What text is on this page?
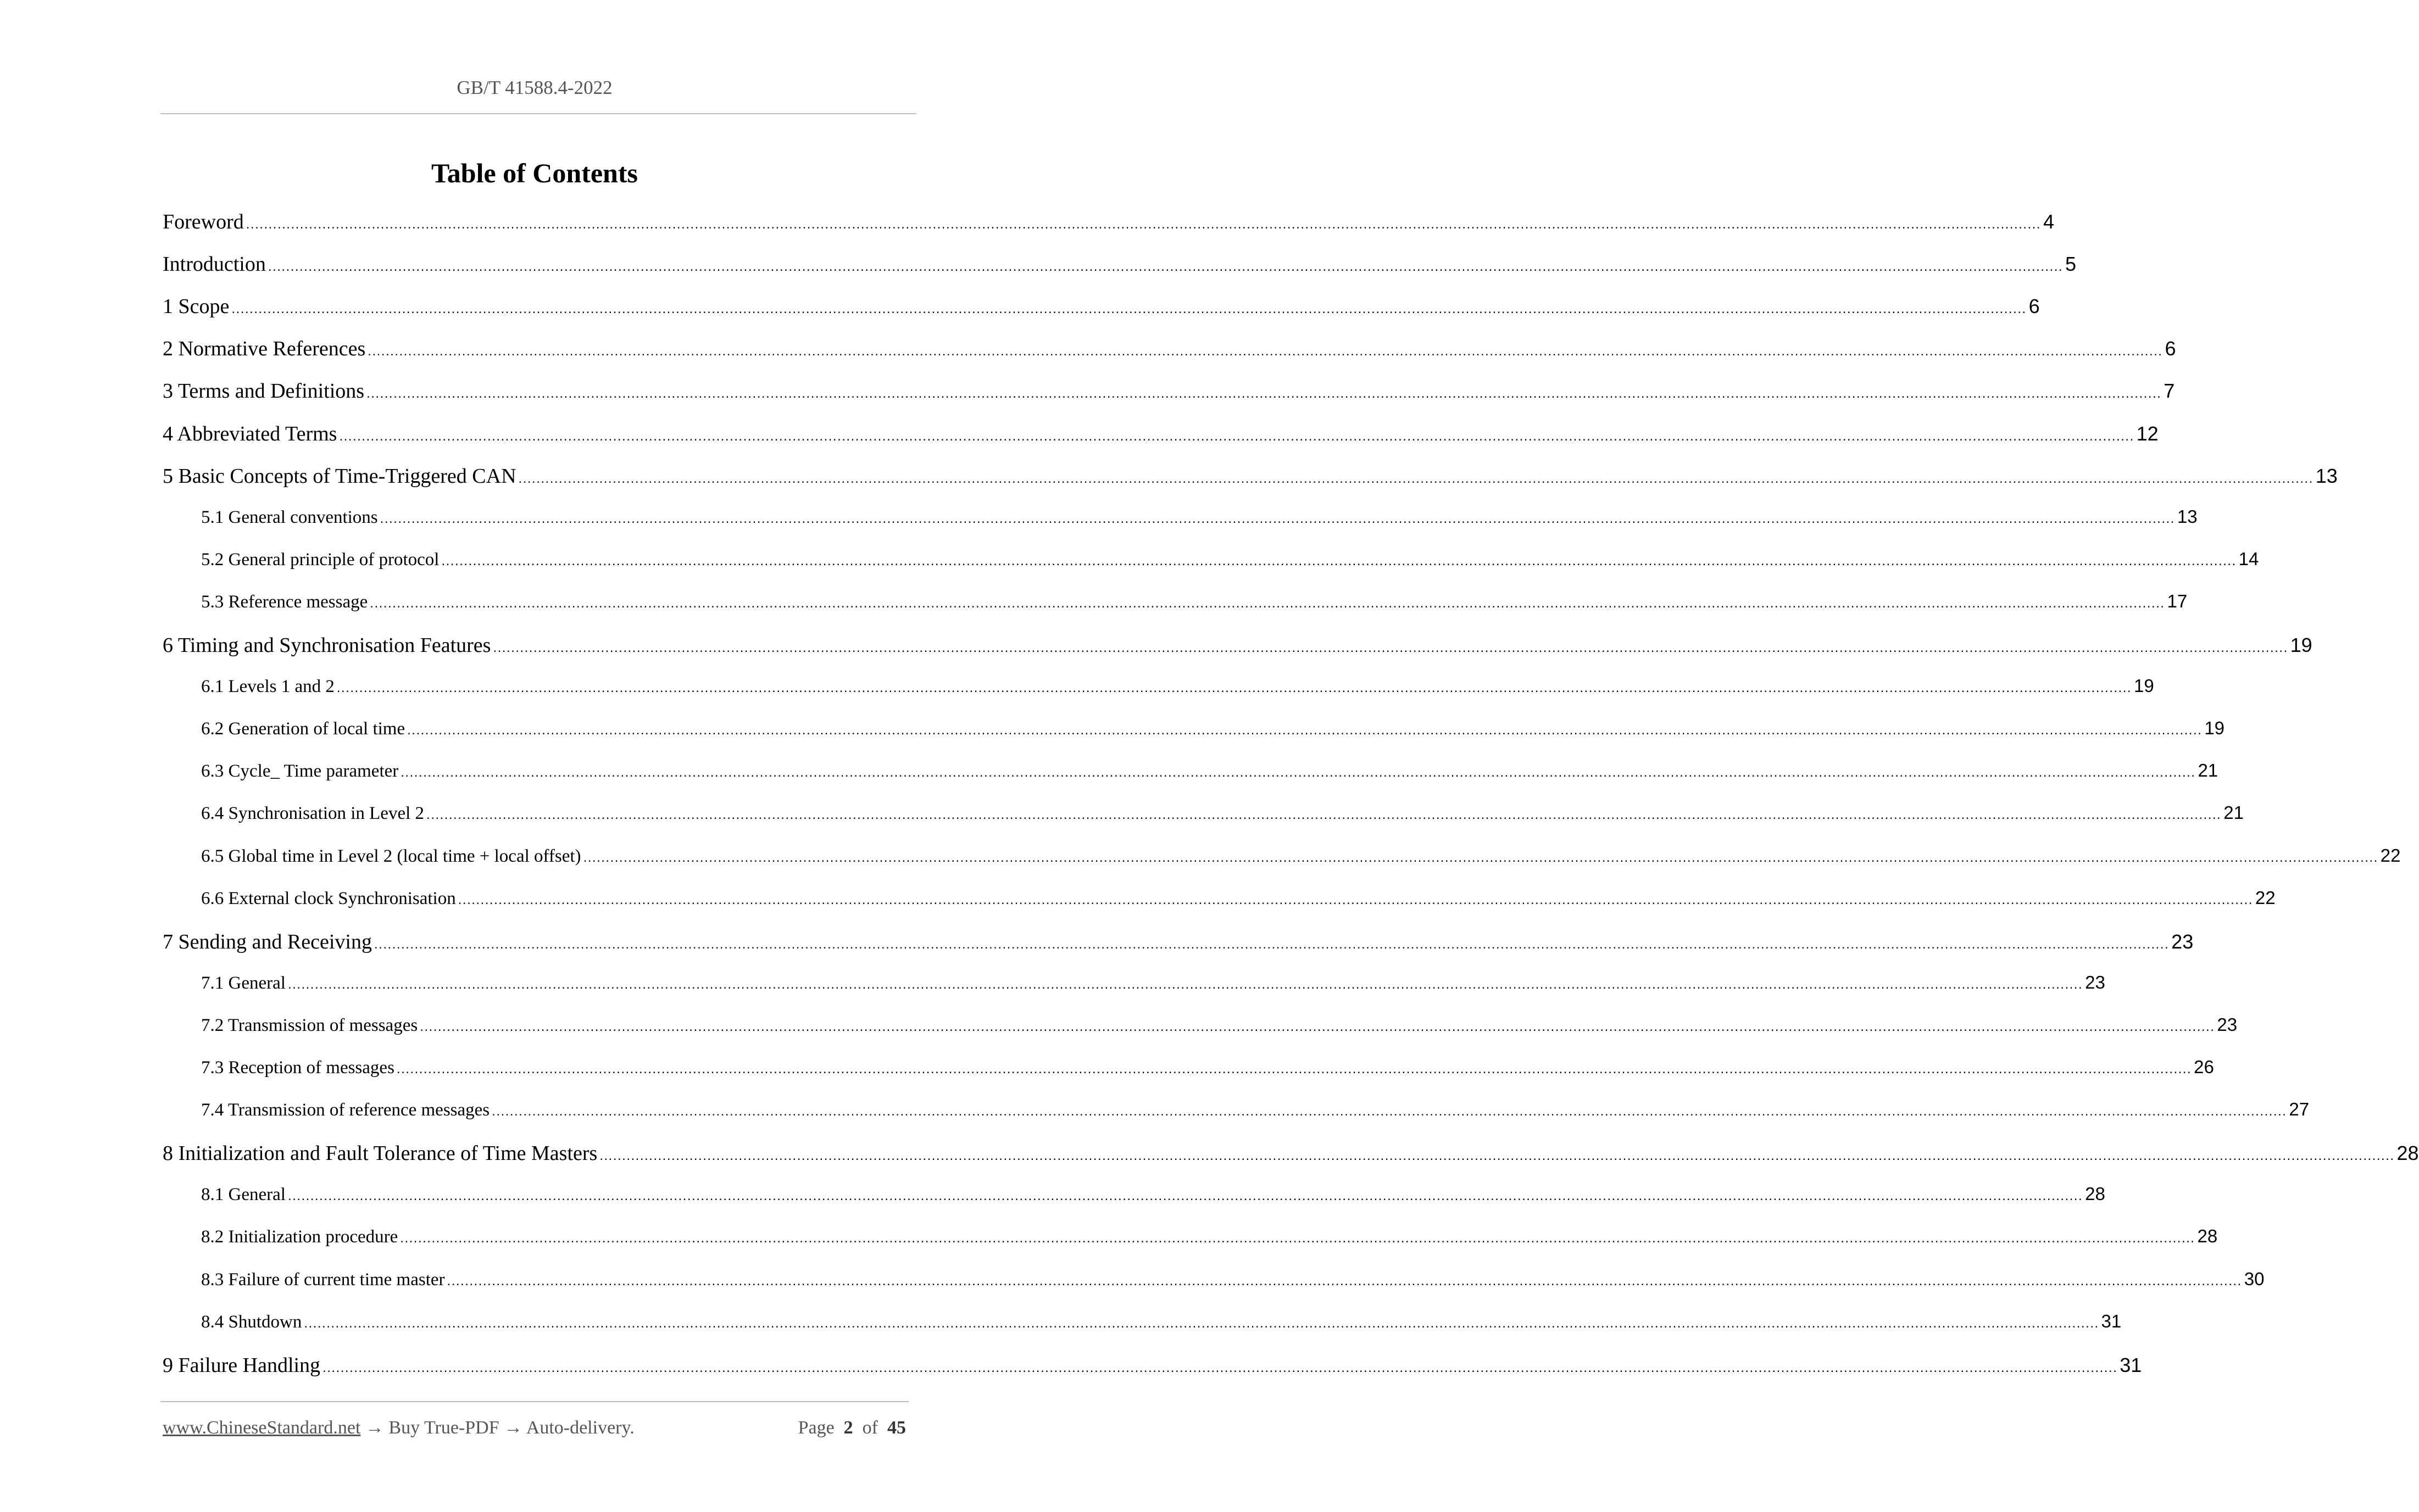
GB/T 41588.4-2022
Table of Contents
Foreword ................................................................................................................................................................................................................................................................................................................................................................................................................ 4
Introduction ................................................................................................................................................................................................................................................................................................................................................................................................................ 5
1 Scope ................................................................................................................................................................................................................................................................................................................................................................................................................ 6
2 Normative References ................................................................................................................................................................................................................................................................................................................................................................................................................ 6
3 Terms and Definitions ................................................................................................................................................................................................................................................................................................................................................................................................................ 7
4 Abbreviated Terms ................................................................................................................................................................................................................................................................................................................................................................................................................ 12
5 Basic Concepts of Time-Triggered CAN ................................................................................................................................................................................................................................................................................................................................................................................................................ 13
5.1 General conventions ................................................................................................................................................................................................................................................................................................................................................................................................................ 13
5.2 General principle of protocol ................................................................................................................................................................................................................................................................................................................................................................................................................ 14
5.3 Reference message ................................................................................................................................................................................................................................................................................................................................................................................................................ 17
6 Timing and Synchronisation Features ................................................................................................................................................................................................................................................................................................................................................................................................................ 19
6.1 Levels 1 and 2 ................................................................................................................................................................................................................................................................................................................................................................................................................ 19
6.2 Generation of local time ................................................................................................................................................................................................................................................................................................................................................................................................................ 19
6.3 Cycle_ Time parameter ................................................................................................................................................................................................................................................................................................................................................................................................................ 21
6.4 Synchronisation in Level 2 ................................................................................................................................................................................................................................................................................................................................................................................................................ 21
6.5 Global time in Level 2 (local time + local offset) ................................................................................................................................................................................................................................................................................................................................................................................................................ 22
6.6 External clock Synchronisation ................................................................................................................................................................................................................................................................................................................................................................................................................ 22
7 Sending and Receiving ................................................................................................................................................................................................................................................................................................................................................................................................................ 23
7.1 General ................................................................................................................................................................................................................................................................................................................................................................................................................ 23
7.2 Transmission of messages ................................................................................................................................................................................................................................................................................................................................................................................................................ 23
7.3 Reception of messages ................................................................................................................................................................................................................................................................................................................................................................................................................ 26
7.4 Transmission of reference messages ................................................................................................................................................................................................................................................................................................................................................................................................................ 27
8 Initialization and Fault Tolerance of Time Masters ................................................................................................................................................................................................................................................................................................................................................................................................................ 28
8.1 General ................................................................................................................................................................................................................................................................................................................................................................................................................ 28
8.2 Initialization procedure ................................................................................................................................................................................................................................................................................................................................................................................................................ 28
8.3 Failure of current time master ................................................................................................................................................................................................................................................................................................................................................................................................................ 30
8.4 Shutdown ................................................................................................................................................................................................................................................................................................................................................................................................................ 31
9 Failure Handling ................................................................................................................................................................................................................................................................................................................................................................................................................ 31
www.ChineseStandard.net → Buy True-PDF → Auto-delivery.	Page 2 of 45
